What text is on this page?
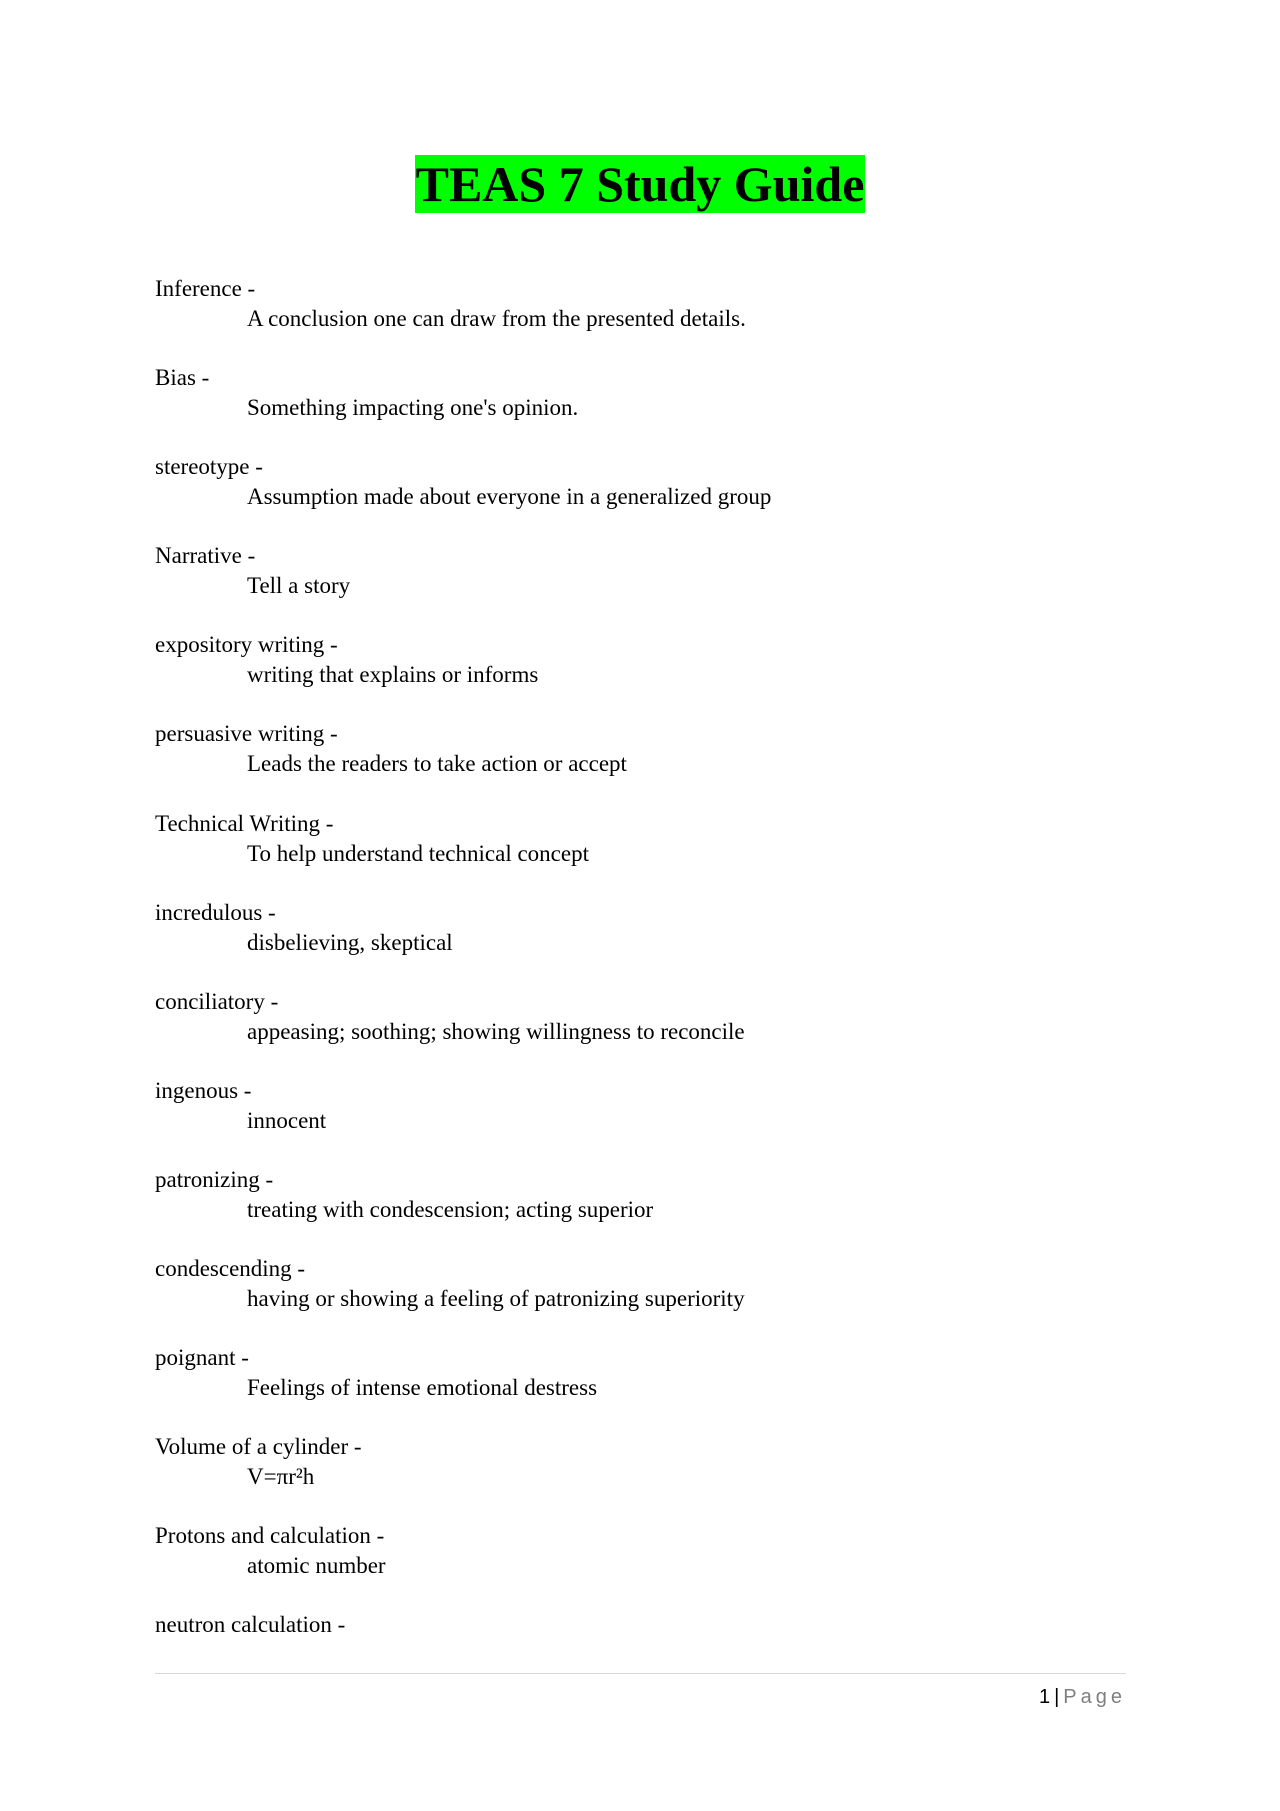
TEAS 7 Study Guide
Inference -
A conclusion one can draw from the presented details.
Bias -
Something impacting one's opinion.
stereotype -
Assumption made about everyone in a generalized group
Narrative -
Tell a story
expository writing -
writing that explains or informs
persuasive writing -
Leads the readers to take action or accept
Technical Writing -
To help understand technical concept
incredulous -
disbelieving, skeptical
conciliatory -
appeasing; soothing; showing willingness to reconcile
ingenous -
innocent
patronizing -
treating with condescension; acting superior
condescending -
having or showing a feeling of patronizing superiority
poignant -
Feelings of intense emotional destress
Volume of a cylinder -
V=πr²h
Protons and calculation -
atomic number
neutron calculation -
1 | Page
